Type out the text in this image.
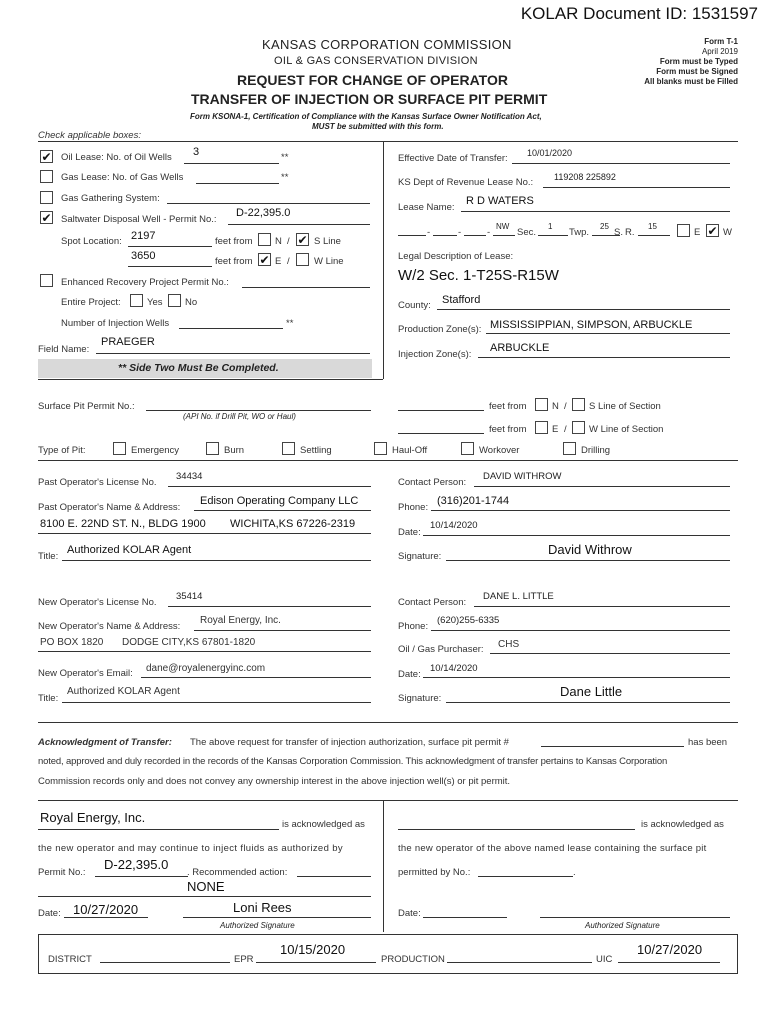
KOLAR Document ID: 1531597
KANSAS CORPORATION COMMISSION
OIL & GAS CONSERVATION DIVISION
REQUEST FOR CHANGE OF OPERATOR
TRANSFER OF INJECTION OR SURFACE PIT PERMIT
Form T-1
April 2019
Form must be Typed
Form must be Signed
All blanks must be Filled
Form KSONA-1, Certification of Compliance with the Kansas Surface Owner Notification Act,
MUST be submitted with this form.
Check applicable boxes:
✔ Oil Lease: No. of Oil Wells 3	**
Gas Lease: No. of Gas Wells	**
Gas Gathering System:
✔ Saltwater Disposal Well - Permit No.:
D-22,395.0
Spot Location: 2197	feet from N / ✔ S Line
3650	feet from ✔ E /	W Line
Enhanced Recovery Project Permit No.:
Entire Project:	Yes No
Number of Injection Wells	**
Field Name:
PRAEGER
** Side Two Must Be Completed.
Effective Date of Transfer: 10/01/2020
KS Dept of Revenue Lease No.: 119208 225892
Lease Name:
R D WATERS
-	-	-
NW
Sec.
1
Twp.
25
S. R.
15
E ✔ W
Legal Description of Lease:
W/2 Sec. 1-T25S-R15W
County: Stafford
Production Zone(s): MISSISSIPPIAN, SIMPSON, ARBUCKLE
Injection Zone(s):
ARBUCKLE
Surface Pit Permit No.:
(API No. if Drill Pit, WO or Haul)
feet from	N / S Line of Section
feet from	E / W Line of Section
Type of Pit:	Emergency	Burn	Settling	Haul-Off	Workover	Drilling
Past Operator's License No.
34434
Past Operator's Name & Address:
Edison Operating Company LLC
8100 E. 22ND ST. N., BLDG 1900 WICHITA,KS 67226-2319
Title:
Authorized KOLAR Agent
Contact Person:
DAVID WITHROW
Phone:
(316)201-1744
Date:
10/14/2020
Signature:	David Withrow
New Operator's License No.
35414
New Operator's Name & Address:
Royal Energy, Inc.
PO BOX 1820 DODGE CITY,KS 67801-1820
New Operator's Email: dane@royalenergyinc.com
Title:
Authorized KOLAR Agent
Contact Person:
DANE L. LITTLE
Phone:
(620)255-6335
Oil / Gas Purchaser: CHS
Date:
10/14/2020
Signature:	Dane Little
Acknowledgment of Transfer: The above request for transfer of injection authorization, surface pit permit #	has been
noted, approved and duly recorded in the records of the Kansas Corporation Commission. This acknowledgment of transfer pertains to Kansas Corporation
Commission records only and does not convey any ownership interest in the above injection well(s) or pit permit.
Royal Energy, Inc.	is acknowledged as
the new operator and may continue to inject fluids as authorized by
Permit No.:
D-22,395.0
. Recommended action:
NONE
Date: 10/27/2020	Loni Rees
Authorized Signature
is acknowledged as
the new operator of the above named lease containing the surface pit
permitted by No.:	.
Date:
Authorized Signature
DISTRICT	EPR
10/15/2020
PRODUCTION	UIC
10/27/2020
